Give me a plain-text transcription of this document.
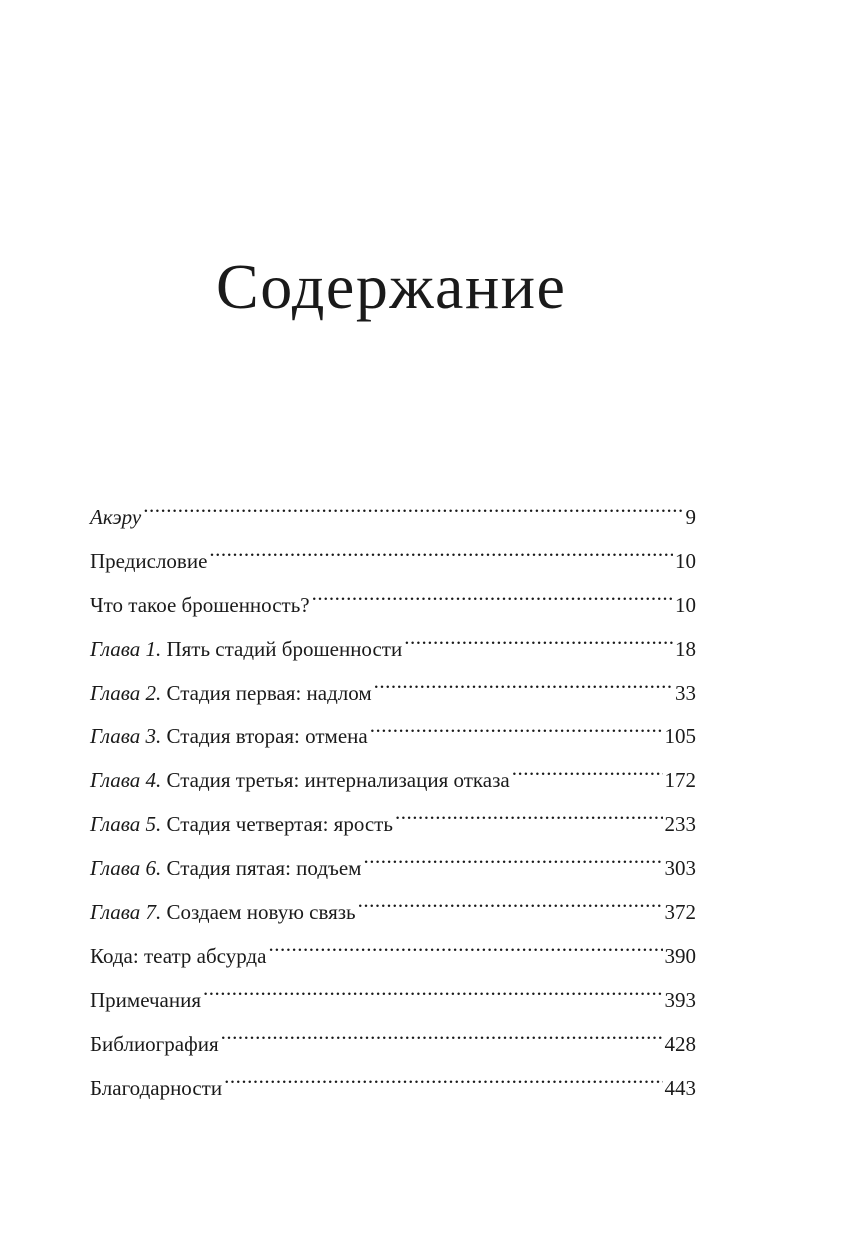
Содержание
Акэру .....	9
Предисловие .....	10
Что такое брошенность? .....	10
Глава 1. Пять стадий брошенности .....	18
Глава 2. Стадия первая: надлом .....	33
Глава 3. Стадия вторая: отмена .....	105
Глава 4. Стадия третья: интернализация отказа .....	172
Глава 5. Стадия четвертая: ярость .....	233
Глава 6. Стадия пятая: подъем .....	303
Глава 7. Создаем новую связь .....	372
Кода: театр абсурда .....	390
Примечания .....	393
Библиография .....	428
Благодарности .....	443
